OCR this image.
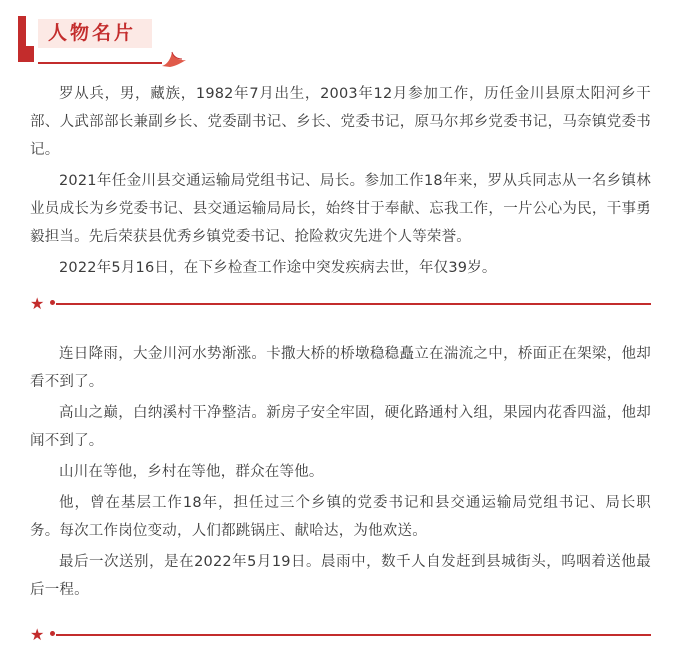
人物名片

罗从兵，男，藏族，1982年7月出生，2003年12月参加工作，历任金川县原太阳河乡干部、人武部部长兼副乡长、党委副书记、乡长、党委书记，原马尔邦乡党委书记，马奈镇党委书记。

2021年任金川县交通运输局党组书记、局长。参加工作18年来，罗从兵同志从一名乡镇林业员成长为乡党委书记、县交通运输局局长，始终甘于奉献、忘我工作，一片公心为民，干事勇毅担当。先后荣获县优秀乡镇党委书记、抢险救灾先进个人等荣誉。

2022年5月16日，在下乡检查工作途中突发疾病去世，年仅39岁。

★

连日降雨，大金川河水势渐涨。卡撒大桥的桥墩稳稳矗立在湍流之中，桥面正在架梁，他却看不到了。

高山之巅，白纳溪村干净整洁。新房子安全牢固，硬化路通村入组，果园内花香四溢，他却闻不到了。

山川在等他，乡村在等他，群众在等他。

他，曾在基层工作18年，担任过三个乡镇的党委书记和县交通运输局党组书记、局长职务。每次工作岗位变动，人们都跳锅庄、献哈达，为他欢送。

最后一次送别，是在2022年5月19日。晨雨中，数千人自发赶到县城街头，呜咽着送他最后一程。

★
